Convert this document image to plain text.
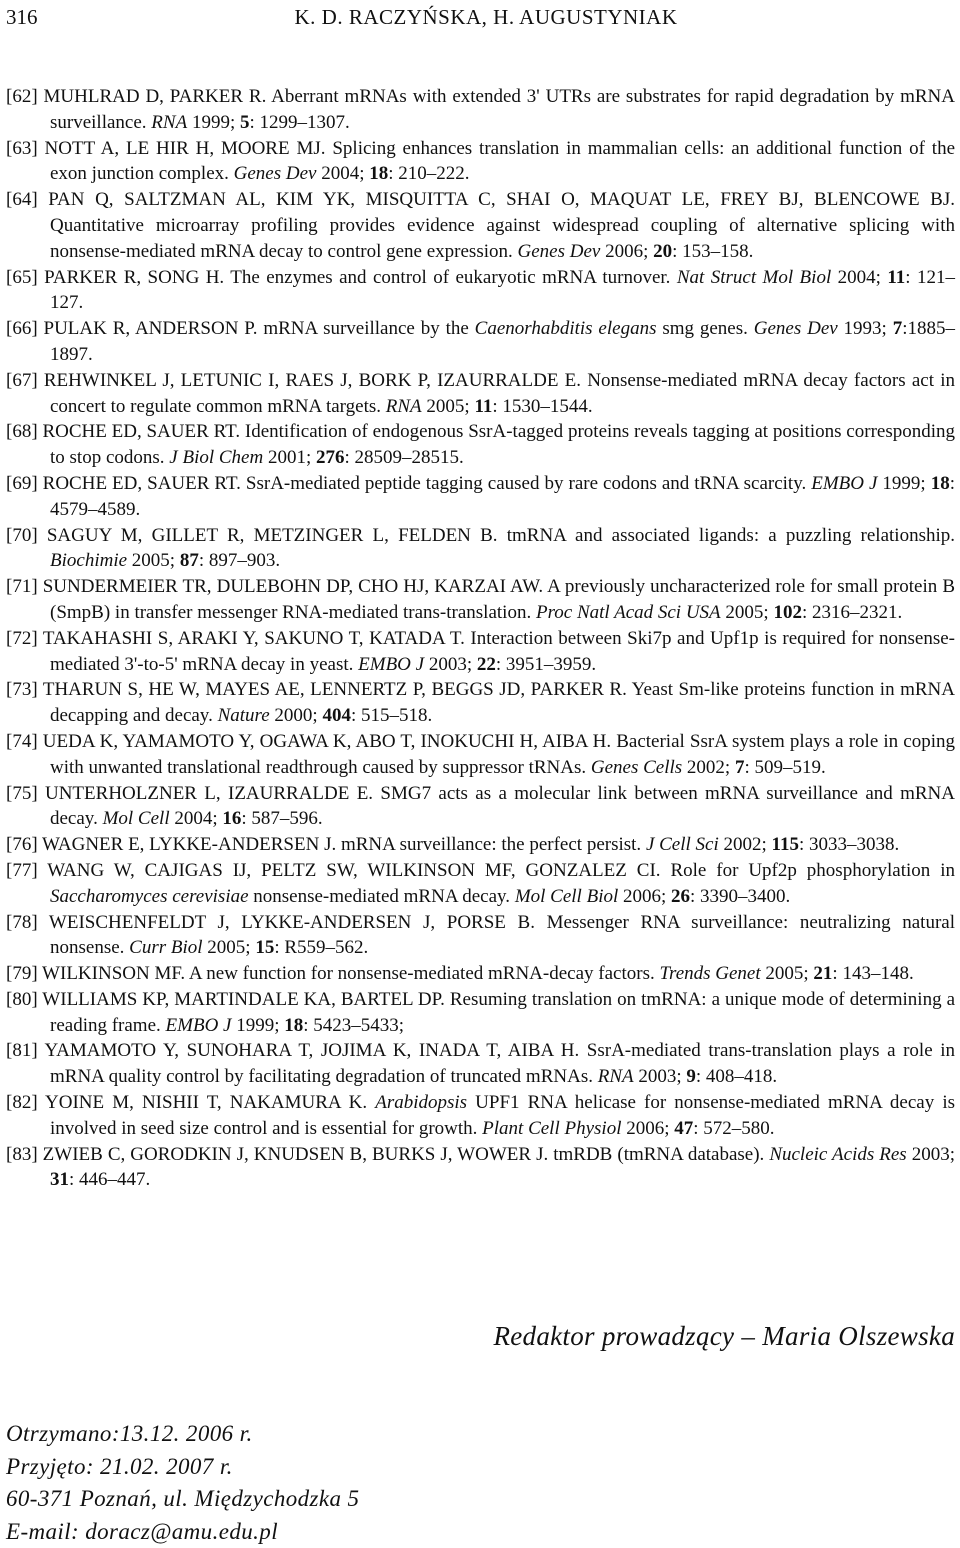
316	K. D. RACZYŃSKA, H. AUGUSTYNIAK
[62] MUHLRAD D, PARKER R. Aberrant mRNAs with extended 3' UTRs are substrates for rapid degradation by mRNA surveillance. RNA 1999; 5: 1299–1307.
[63] NOTT A, LE HIR H, MOORE MJ. Splicing enhances translation in mammalian cells: an additional function of the exon junction complex. Genes Dev 2004; 18: 210–222.
[64] PAN Q, SALTZMAN AL, KIM YK, MISQUITTA C, SHAI O, MAQUAT LE, FREY BJ, BLENCOWE BJ. Quantitative microarray profiling provides evidence against widespread coupling of alternative splicing with nonsense-mediated mRNA decay to control gene expression. Genes Dev 2006; 20: 153–158.
[65] PARKER R, SONG H. The enzymes and control of eukaryotic mRNA turnover. Nat Struct Mol Biol 2004; 11: 121–127.
[66] PULAK R, ANDERSON P. mRNA surveillance by the Caenorhabditis elegans smg genes. Genes Dev 1993; 7:1885–1897.
[67] REHWINKEL J, LETUNIC I, RAES J, BORK P, IZAURRALDE E. Nonsense-mediated mRNA decay factors act in concert to regulate common mRNA targets. RNA 2005; 11: 1530–1544.
[68] ROCHE ED, SAUER RT. Identification of endogenous SsrA-tagged proteins reveals tagging at positions corresponding to stop codons. J Biol Chem 2001; 276: 28509–28515.
[69] ROCHE ED, SAUER RT. SsrA-mediated peptide tagging caused by rare codons and tRNA scarcity. EMBO J 1999; 18: 4579–4589.
[70] SAGUY M, GILLET R, METZINGER L, FELDEN B. tmRNA and associated ligands: a puzzling relationship. Biochimie 2005; 87: 897–903.
[71] SUNDERMEIER TR, DULEBOHN DP, CHO HJ, KARZAI AW. A previously uncharacterized role for small protein B (SmpB) in transfer messenger RNA-mediated trans-translation. Proc Natl Acad Sci USA 2005; 102: 2316–2321.
[72] TAKAHASHI S, ARAKI Y, SAKUNO T, KATADA T. Interaction between Ski7p and Upf1p is required for nonsense-mediated 3'-to-5' mRNA decay in yeast. EMBO J 2003; 22: 3951–3959.
[73] THARUN S, HE W, MAYES AE, LENNERTZ P, BEGGS JD, PARKER R. Yeast Sm-like proteins function in mRNA decapping and decay. Nature 2000; 404: 515–518.
[74] UEDA K, YAMAMOTO Y, OGAWA K, ABO T, INOKUCHI H, AIBA H. Bacterial SsrA system plays a role in coping with unwanted translational readthrough caused by suppressor tRNAs. Genes Cells 2002; 7: 509–519.
[75] UNTERHOLZNER L, IZAURRALDE E. SMG7 acts as a molecular link between mRNA surveillance and mRNA decay. Mol Cell 2004; 16: 587–596.
[76] WAGNER E, LYKKE-ANDERSEN J. mRNA surveillance: the perfect persist. J Cell Sci 2002; 115: 3033–3038.
[77] WANG W, CAJIGAS IJ, PELTZ SW, WILKINSON MF, GONZALEZ CI. Role for Upf2p phosphorylation in Saccharomyces cerevisiae nonsense-mediated mRNA decay. Mol Cell Biol 2006; 26: 3390–3400.
[78] WEISCHENFELDT J, LYKKE-ANDERSEN J, PORSE B. Messenger RNA surveillance: neutralizing natural nonsense. Curr Biol 2005; 15: R559–562.
[79] WILKINSON MF. A new function for nonsense-mediated mRNA-decay factors. Trends Genet 2005; 21: 143–148.
[80] WILLIAMS KP, MARTINDALE KA, BARTEL DP. Resuming translation on tmRNA: a unique mode of determining a reading frame. EMBO J 1999; 18: 5423–5433;
[81] YAMAMOTO Y, SUNOHARA T, JOJIMA K, INADA T, AIBA H. SsrA-mediated trans-translation plays a role in mRNA quality control by facilitating degradation of truncated mRNAs. RNA 2003; 9: 408–418.
[82] YOINE M, NISHII T, NAKAMURA K. Arabidopsis UPF1 RNA helicase for nonsense-mediated mRNA decay is involved in seed size control and is essential for growth. Plant Cell Physiol 2006; 47: 572–580.
[83] ZWIEB C, GORODKIN J, KNUDSEN B, BURKS J, WOWER J. tmRDB (tmRNA database). Nucleic Acids Res 2003; 31: 446–447.
Redaktor prowadzący – Maria Olszewska
Otrzymano:13.12. 2006 r.
Przyjęto: 21.02. 2007 r.
60-371 Poznań, ul. Międzychodzka 5
E-mail: doracz@amu.edu.pl
